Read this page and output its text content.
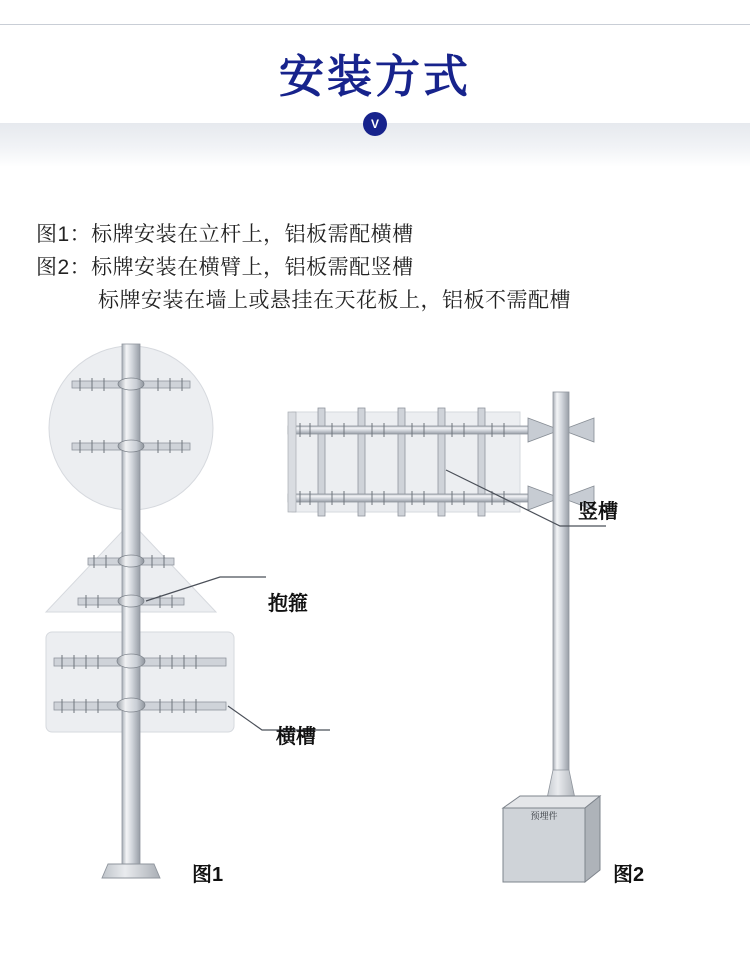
安装方式
V
图1：标牌安装在立杆上，铝板需配横槽
图2：标牌安装在横臂上，铝板需配竖槽
标牌安装在墙上或悬挂在天花板上，铝板不需配槽
预埋件
抱箍
横槽
竖槽
图1	图2
